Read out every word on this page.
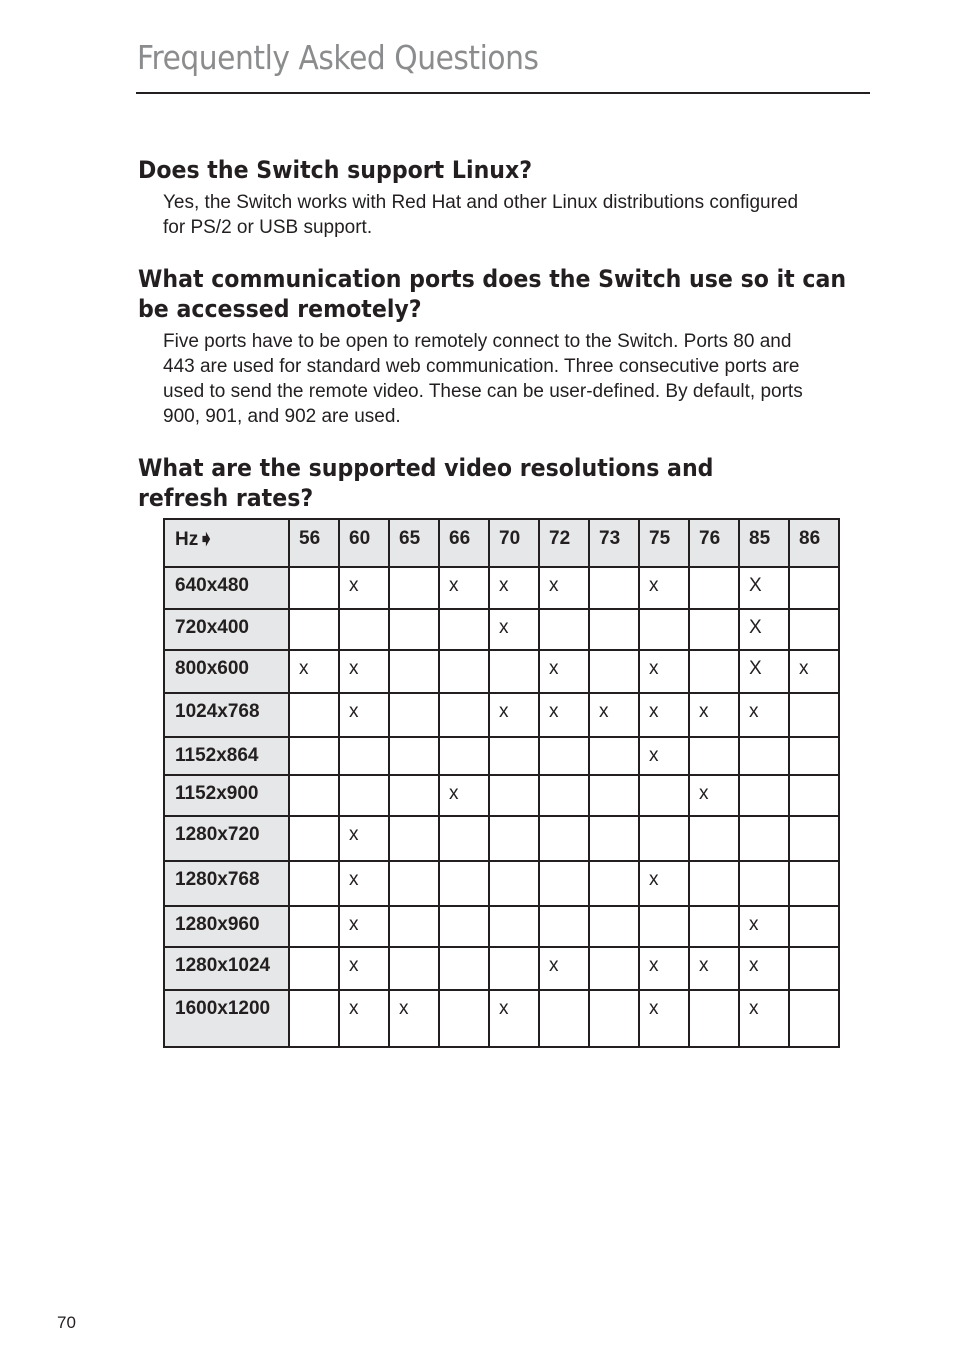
Frequently Asked Questions
Does the Switch support Linux?

Yes, the Switch works with Red Hat and other Linux distributions configured
for PS/2 or USB support.

What communication ports does the Switch use so it can
be accessed remotely?

Five ports have to be open to remotely connect to the Switch. Ports 80 and
443 are used for standard web communication. Three consecutive ports are
used to send the remote video. These can be user-defined. By default, ports
900, 901, and 902 are used.

What are the supported video resolutions and
refresh rates?
Hz➧	56	60	65	66	70	72	73	75	76	85	86
640x480		x		x	x	x		x		X	
720x400					x					X	
800x600	x	x				x		x		X	x
1024x768		x			x	x	x	x	x	x	
1152x864								x			
1152x900				x					x		
1280x720		x									
1280x768		x						x			
1280x960		x								x	
1280x1024		x				x		x	x	x	
1600x1200		x	x		x			x		x	
70
